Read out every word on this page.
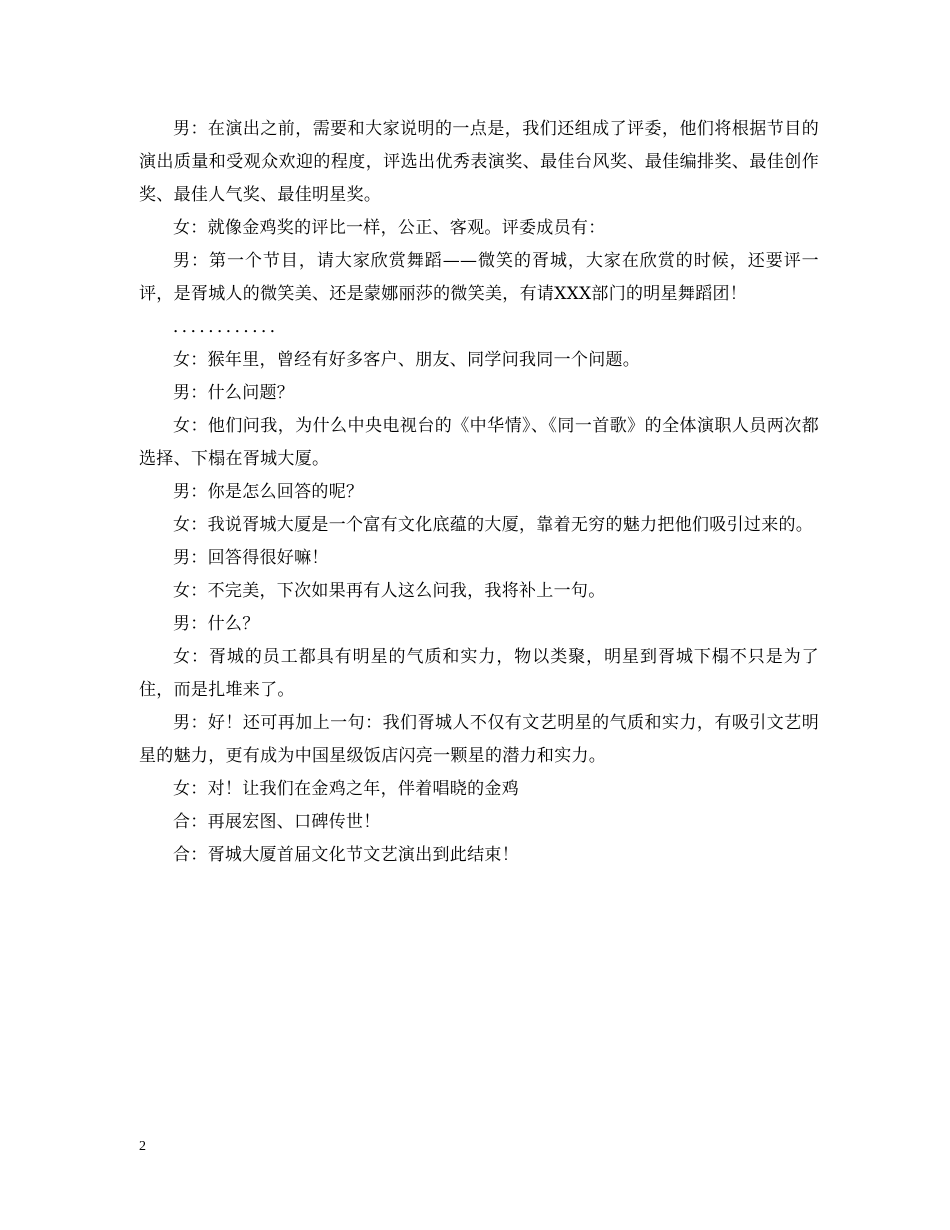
男：在演出之前，需要和大家说明的一点是，我们还组成了评委，他们将根据节目的演出质量和受观众欢迎的程度，评选出优秀表演奖、最佳台风奖、最佳编排奖、最佳创作奖、最佳人气奖、最佳明星奖。

女：就像金鸡奖的评比一样，公正、客观。评委成员有：

男：第一个节目，请大家欣赏舞蹈——微笑的胥城，大家在欣赏的时候，还要评一评，是胥城人的微笑美、还是蒙娜丽莎的微笑美，有请XXX部门的明星舞蹈团！

．．．．．．．．．．．．

女：猴年里，曾经有好多客户、朋友、同学问我同一个问题。

男：什么问题？

女：他们问我，为什么中央电视台的《中华情》、《同一首歌》的全体演职人员两次都选择、下榻在胥城大厦。

男：你是怎么回答的呢？

女：我说胥城大厦是一个富有文化底蕴的大厦，靠着无穷的魅力把他们吸引过来的。

男：回答得很好嘛！

女：不完美，下次如果再有人这么问我，我将补上一句。

男：什么？

女：胥城的员工都具有明星的气质和实力，物以类聚，明星到胥城下榻不只是为了住，而是扎堆来了。

男：好！还可再加上一句：我们胥城人不仅有文艺明星的气质和实力，有吸引文艺明星的魅力，更有成为中国星级饭店闪亮一颗星的潜力和实力。

女：对！让我们在金鸡之年，伴着唱晓的金鸡

合：再展宏图、口碑传世！

合：胥城大厦首届文化节文艺演出到此结束！

2
